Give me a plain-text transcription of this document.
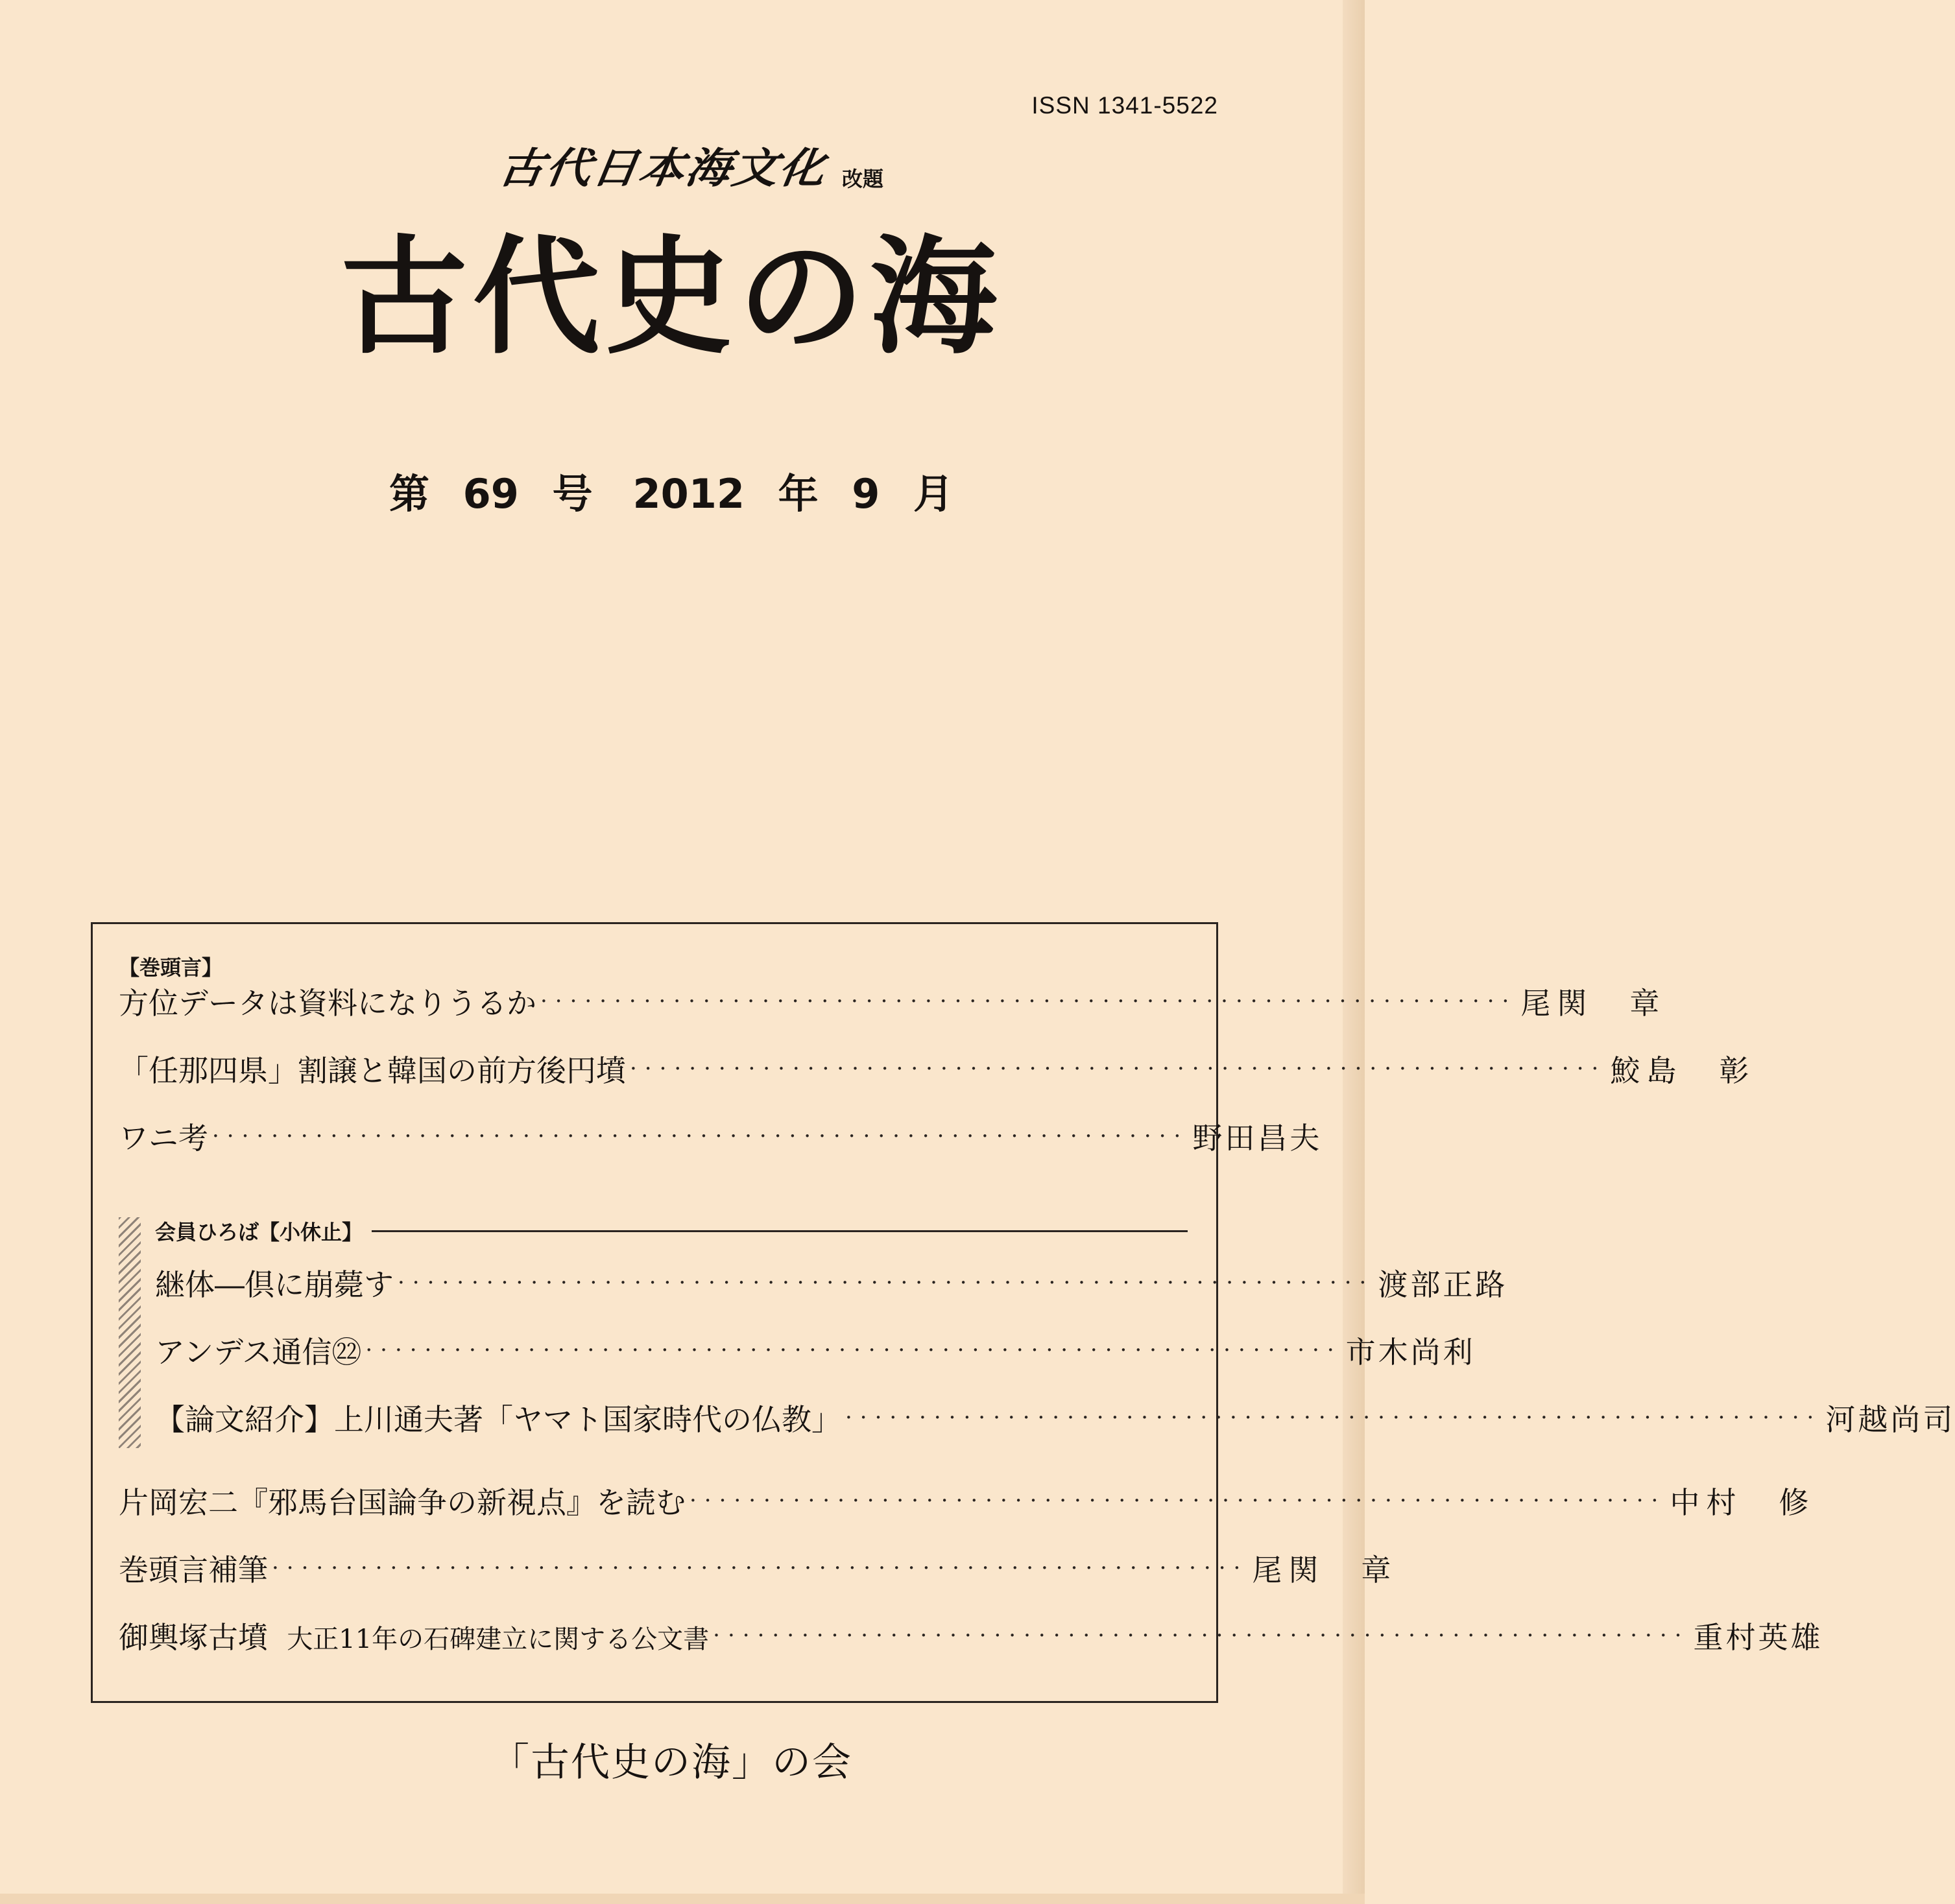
ISSN 1341-5522
古代日本海文化 改題
古代史の海
第 69 号　2012 年 9 月
【巻頭言】
方位データは資料になりうるか ·································································· 尾関　章
「任那四県」割譲と韓国の前方後円墳 ·································································· 鮫島　彰
ワニ考 ·································································· 野田昌夫
会員ひろば【小休止】
継体―倶に崩薨す ·································································· 渡部正路
アンデス通信㉒ ·································································· 市木尚利
【論文紹介】上川通夫著「ヤマト国家時代の仏教」 ·································································· 河越尚司
片岡宏二『邪馬台国論争の新視点』を読む ·································································· 中村　修
巻頭言補筆 ·································································· 尾関　章
御輿塚古墳 大正11年の石碑建立に関する公文書 ·································································· 重村英雄
「古代史の海」の会
